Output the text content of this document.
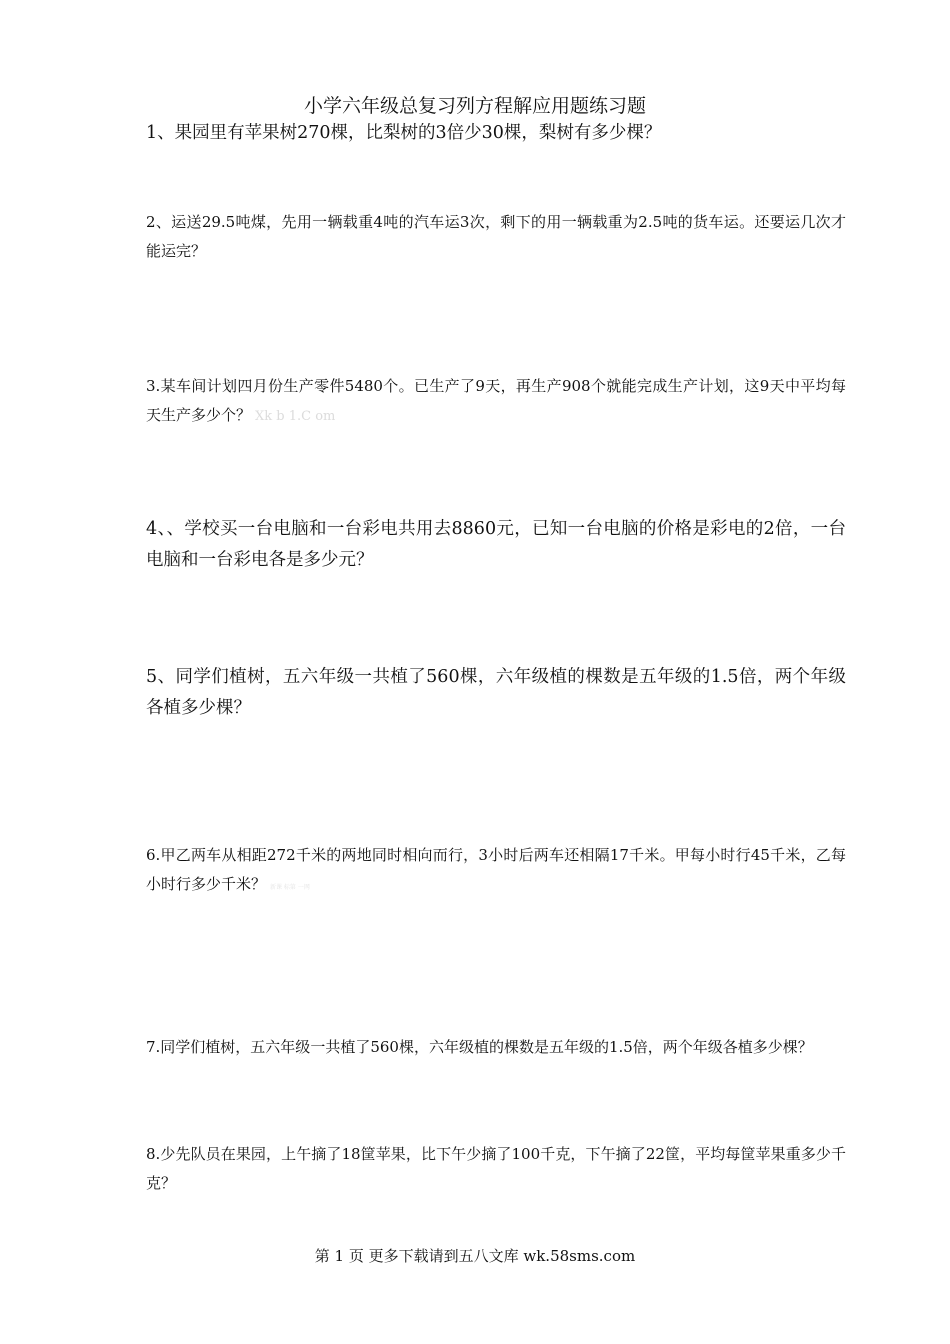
小学六年级总复习列方程解应用题练习题

1、果园里有苹果树270棵，比梨树的3倍少30棵，梨树有多少棵？

2、运送29.5吨煤，先用一辆载重4吨的汽车运3次，剩下的用一辆载重为2.5吨的货车运。还要运几次才能运完？

3.某车间计划四月份生产零件5480个。已生产了9天，再生产908个就能完成生产计划，这9天中平均每天生产多少个？ Xk b 1.C om

4、、学校买一台电脑和一台彩电共用去8860元，已知一台电脑的价格是彩电的2倍，一台电脑和一台彩电各是多少元？

5、同学们植树，五六年级一共植了560棵，六年级植的棵数是五年级的1.5倍，两个年级各植多少棵？

6.甲乙两车从相距272千米的两地同时相向而行，3小时后两车还相隔17千米。甲每小时行45千米，乙每小时行多少千米？ 新课 标第 一网

7.同学们植树，五六年级一共植了560棵，六年级植的棵数是五年级的1.5倍，两个年级各植多少棵？

8.少先队员在果园，上午摘了18筐苹果，比下午少摘了100千克，下午摘了22筐，平均每筐苹果重多少千克？

第 1 页 更多下载请到五八文库 wk.58sms.com
